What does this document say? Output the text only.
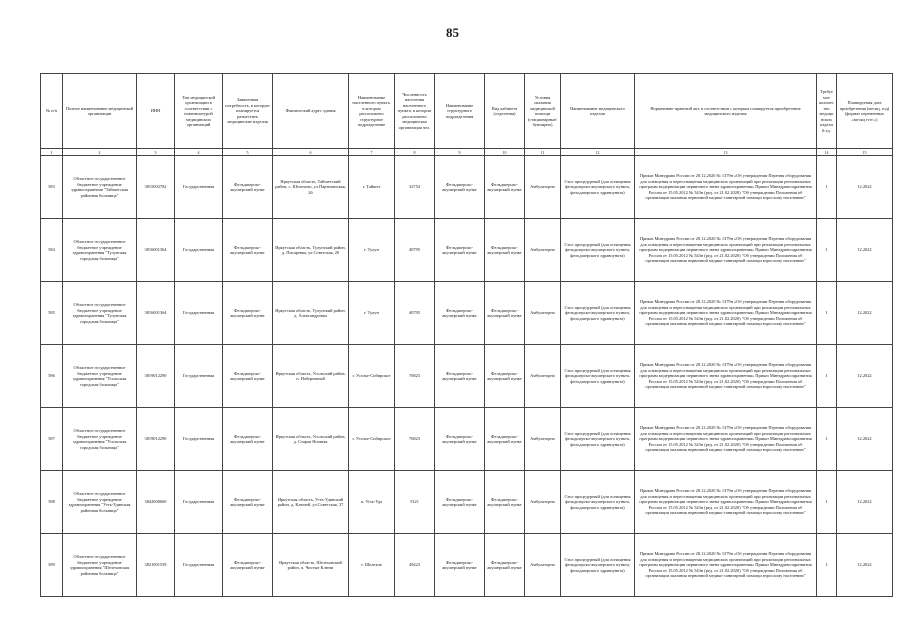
85
№ п/п	Полное наименование медицинской организации	ИНН	Тип медицинской организации в соответствии с номенклатурой медицинских организаций	Заявленная потребность, в которую планируется разместить медицинские изделия	Фактический адрес здания	Наименование населенного пункта, в котором расположено структурное подразделение	Численность населения населенного пункта, в котором расположено медицинская организация чел.	Наименование структурного подразделения	Вид кабинета (отделения)	Условия оказания медицинской помощи (стационарные/ буюлярно)	Наименование медицинского изделия	Нормативно-правовой акт, в соответствии с которым планируется приобретение медицинского изделия	Требуемое количество медицинских изделий ед.	Планируемая дата приобретения (месяц, год) (формат переменных «месяц гггг.»)
1	2	3	4	5	6	7	8	9	10	11	12	13	14	15
583	Областное государственное бюджетное учреждение здравоохранения "Тайшетская районная больница"	3815002782	Государственная	Фельдшерско-акушерский пункт	Иркутская область, Тайшетский район, с. Шелехово, ул.Партизанская, 26	г. Тайшет	32754	Фельдшерско-акушерский пункт	Фельдшерско-акушерский пункт	Амбулаторно	Стол процедурный (для оснащения фельдшерско-акушерского пункта, фельдшерского здравпункта)	Приказ Минздрава России от 28.12.2020 № 1379н «Об утверждении Перечня оборудования для оснащения и переоснащения медицинских организаций при реализации региональных программ модернизации первичного звена здравоохранения» Приказ Минздравсоцразвития России от 15.05.2012 № 543н (ред. от 21.02.2020) "Об утверждении Положения об организации оказания первичной медико-санитарной помощи взрослому населению"	1	12.2022
584	Областное государственное бюджетное учреждение здравоохранения "Тулунская городская больница"	3816001364	Государственная	Фельдшерско-акушерский пункт	Иркутская область, Тулунский район, д. Писаревка, ул.Советская, 20	г. Тулун	40795	Фельдшерско-акушерский пункт	Фельдшерско-акушерский пункт	Амбулаторно	Стол процедурный (для оснащения фельдшерско-акушерского пункта, фельдшерского здравпункта)	Приказ Минздрава России от 28.12.2020 № 1379н «Об утверждении Перечня оборудования для оснащения и переоснащения медицинских организаций при реализации региональных программ модернизации первичного звена здравоохранения» Приказ Минздравсоцразвития России от 15.05.2012 № 543н (ред. от 21.02.2020) "Об утверждении Положения об организации оказания первичной медико-санитарной помощи взрослому населению"	1	12.2022
585	Областное государственное бюджетное учреждение здравоохранения "Тулунская городская больница"	3816001364	Государственная	Фельдшерско-акушерский пункт	Иркутская область, Тулунский район, д. Александровка	г. Тулун	40795	Фельдшерско-акушерский пункт	Фельдшерско-акушерский пункт	Амбулаторно	Стол процедурный (для оснащения фельдшерско-акушерского пункта, фельдшерского здравпункта)	Приказ Минздрава России от 28.12.2020 № 1379н «Об утверждении Перечня оборудования для оснащения и переоснащения медицинских организаций при реализации региональных программ модернизации первичного звена здравоохранения» Приказ Минздравсоцразвития России от 15.05.2012 № 543н (ред. от 21.02.2020) "Об утверждении Положения об организации оказания первичной медико-санитарной помощи взрослому населению"	1	12.2022
586	Областное государственное бюджетное учреждение здравоохранения "Усольская городская больница"	3819012290	Государственная	Фельдшерско-акушерский пункт	Иркутская область, Усольский район, п. Набережный	г. Усолье-Сибирское	76823	Фельдшерско-акушерский пункт	Фельдшерско-акушерский пункт	Амбулаторно	Стол процедурный (для оснащения фельдшерско-акушерского пункта, фельдшерского здравпункта)	Приказ Минздрава России от 28.12.2020 № 1379н «Об утверждении Перечня оборудования для оснащения и переоснащения медицинских организаций при реализации региональных программ модернизации первичного звена здравоохранения» Приказ Минздравсоцразвития России от 15.05.2012 № 543н (ред. от 21.02.2020) "Об утверждении Положения об организации оказания первичной медико-санитарной помощи взрослому населению"	1	12.2022
587	Областное государственное бюджетное учреждение здравоохранения "Усольская городская больница"	3819012290	Государственная	Фельдшерско-акушерский пункт	Иркутская область, Усольский район, д. Старая Ясачная	г. Усолье-Сибирское	76823	Фельдшерско-акушерский пункт	Фельдшерско-акушерский пункт	Амбулаторно	Стол процедурный (для оснащения фельдшерско-акушерского пункта, фельдшерского здравпункта)	Приказ Минздрава России от 28.12.2020 № 1379н «Об утверждении Перечня оборудования для оснащения и переоснащения медицинских организаций при реализации региональных программ модернизации первичного звена здравоохранения» Приказ Минздравсоцразвития России от 15.05.2012 № 543н (ред. от 21.02.2020) "Об утверждении Положения об организации оказания первичной медико-санитарной помощи взрослому населению"	1	12.2022
588	Областное государственное бюджетное учреждение здравоохранения "Усть-Удинская районная больница"	3842000660	Государственная	Фельдшерско-акушерский пункт	Иркутская область, Усть-Удинский район, д. Ключей, ул.Советская, 37	п. Усть-Уда	5321	Фельдшерско-акушерский пункт	Фельдшерско-акушерский пункт	Амбулаторно	Стол процедурный (для оснащения фельдшерско-акушерского пункта, фельдшерского здравпункта)	Приказ Минздрава России от 28.12.2020 № 1379н «Об утверждении Перечня оборудования для оснащения и переоснащения медицинских организаций при реализации региональных программ модернизации первичного звена здравоохранения» Приказ Минздравсоцразвития России от 15.05.2012 № 543н (ред. от 21.02.2020) "Об утверждении Положения об организации оказания первичной медико-санитарной помощи взрослому населению"	1	12.2022
589	Областное государственное бюджетное учреждение здравоохранения "Шелеховская районная больница"	3821001539	Государственная	Фельдшерско-акушерский пункт	Иркутская область, Шелеховский район, п. Чистые Ключи	г. Шелехов	49423	Фельдшерско-акушерский пункт	Фельдшерско-акушерский пункт	Амбулаторно	Стол процедурный (для оснащения фельдшерско-акушерского пункта, фельдшерского здравпункта)	Приказ Минздрава России от 28.12.2020 № 1379н «Об утверждении Перечня оборудования для оснащения и переоснащения медицинских организаций при реализации региональных программ модернизации первичного звена здравоохранения» Приказ Минздравсоцразвития России от 15.05.2012 № 543н (ред. от 21.02.2020) "Об утверждении Положения об организации оказания первичной медико-санитарной помощи взрослому населению"	1	12.2022
